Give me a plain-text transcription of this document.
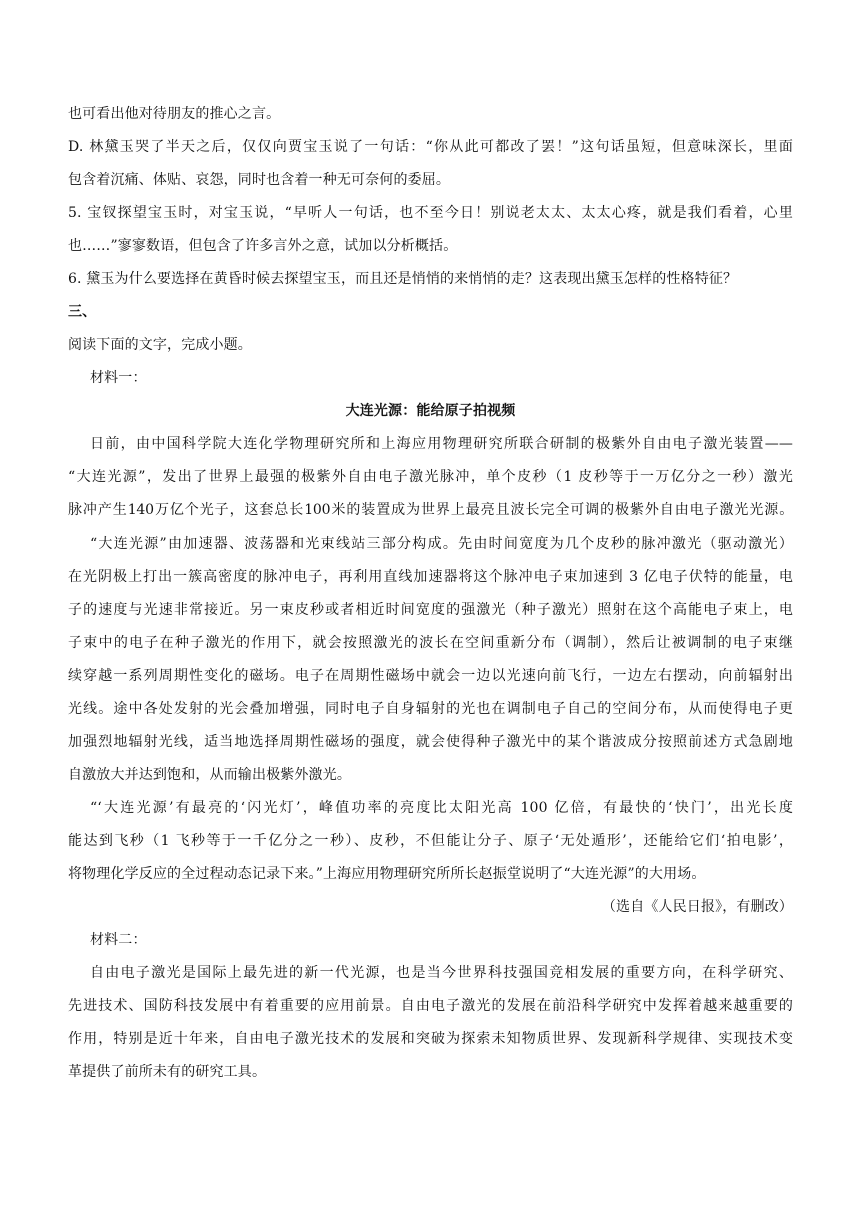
也可看出他对待朋友的推心之言。
D. 林黛玉哭了半天之后，仅仅向贾宝玉说了一句话：“你从此可都改了罢！”这句话虽短，但意味深长，里面
包含着沉痛、体贴、哀怨，同时也含着一种无可奈何的委屈。
5. 宝钗探望宝玉时，对宝玉说，“早听人一句话，也不至今日！别说老太太、太太心疼，就是我们看着，心里
也……”寥寥数语，但包含了许多言外之意，试加以分析概括。
6. 黛玉为什么要选择在黄昏时候去探望宝玉，而且还是悄悄的来悄悄的走？这表现出黛玉怎样的性格特征？
三、
阅读下面的文字，完成小题。
材料一：
大连光源：能给原子拍视频
日前，由中国科学院大连化学物理研究所和上海应用物理研究所联合研制的极紫外自由电子激光装置——
“大连光源”，发出了世界上最强的极紫外自由电子激光脉冲，单个皮秒（1 皮秒等于一万亿分之一秒）激光
脉冲产生140万亿个光子，这套总长100米的装置成为世界上最亮且波长完全可调的极紫外自由电子激光光源。
“大连光源”由加速器、波荡器和光束线站三部分构成。先由时间宽度为几个皮秒的脉冲激光（驱动激光）
在光阴极上打出一簇高密度的脉冲电子，再利用直线加速器将这个脉冲电子束加速到 3 亿电子伏特的能量，电
子的速度与光速非常接近。另一束皮秒或者相近时间宽度的强激光（种子激光）照射在这个高能电子束上，电
子束中的电子在种子激光的作用下，就会按照激光的波长在空间重新分布（调制），然后让被调制的电子束继
续穿越一系列周期性变化的磁场。电子在周期性磁场中就会一边以光速向前飞行，一边左右摆动，向前辐射出
光线。途中各处发射的光会叠加增强，同时电子自身辐射的光也在调制电子自己的空间分布，从而使得电子更
加强烈地辐射光线，适当地选择周期性磁场的强度，就会使得种子激光中的某个谐波成分按照前述方式急剧地
自激放大并达到饱和，从而输出极紫外激光。
“‘大连光源’有最亮的‘闪光灯’，峰值功率的亮度比太阳光高 100 亿倍，有最快的‘快门’，出光长度
能达到飞秒（1 飞秒等于一千亿分之一秒）、皮秒，不但能让分子、原子‘无处遁形’，还能给它们‘拍电影’，
将物理化学反应的全过程动态记录下来。”上海应用物理研究所所长赵振堂说明了“大连光源”的大用场。
（选自《人民日报》，有删改）
材料二：
自由电子激光是国际上最先进的新一代光源，也是当今世界科技强国竞相发展的重要方向，在科学研究、
先进技术、国防科技发展中有着重要的应用前景。自由电子激光的发展在前沿科学研究中发挥着越来越重要的
作用，特别是近十年来，自由电子激光技术的发展和突破为探索未知物质世界、发现新科学规律、实现技术变
革提供了前所未有的研究工具。
